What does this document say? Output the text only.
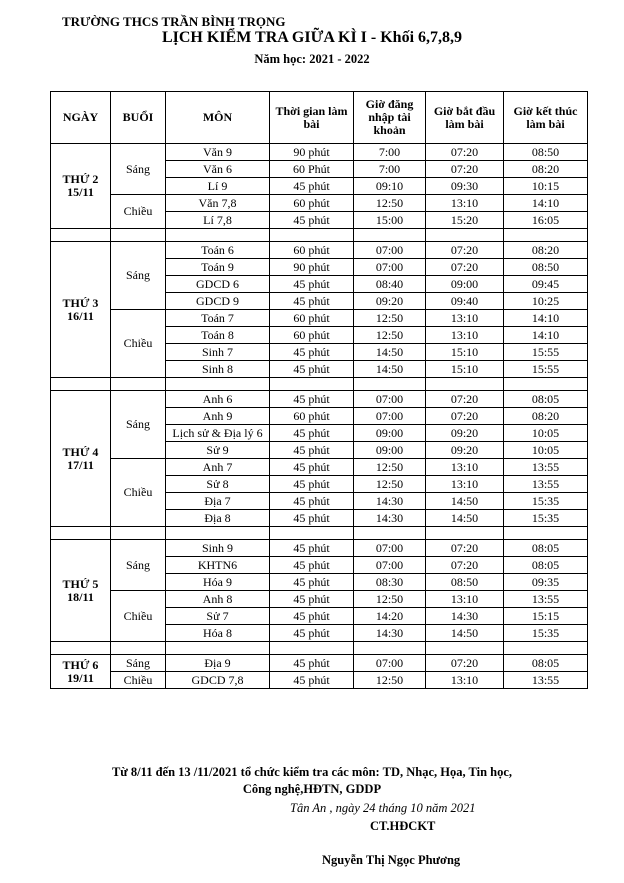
TRƯỜNG THCS TRẦN BÌNH TRỌNG
LỊCH KIỂM TRA GIỮA KÌ I - Khối 6,7,8,9
Năm học: 2021 - 2022
NGÀY	BUỔI	MÔN	Thời gian làm bài	Giờ đăng nhập tài khoản	Giờ bắt đầu làm bài	Giờ kết thúc làm bài
THỨ 2
15/11	Sáng	Văn 9	90 phút	7:00	07:20	08:50
		Văn 6	60 Phút	7:00	07:20	08:20
		Lí 9	45 phút	09:10	09:30	10:15
	Chiều	Văn 7,8	60 phút	12:50	13:10	14:10
		Lí 7,8	45 phút	15:00	15:20	16:05

THỨ 3
16/11	Sáng	Toán 6	60 phút	07:00	07:20	08:20
		Toán 9	90 phút	07:00	07:20	08:50
		GDCD 6	45 phút	08:40	09:00	09:45
		GDCD 9	45 phút	09:20	09:40	10:25
	Chiều	Toán 7	60 phút	12:50	13:10	14:10
		Toán 8	60 phút	12:50	13:10	14:10
		Sinh 7	45 phút	14:50	15:10	15:55
		Sinh 8	45 phút	14:50	15:10	15:55

THỨ 4
17/11	Sáng	Anh 6	45 phút	07:00	07:20	08:05
		Anh 9	60 phút	07:00	07:20	08:20
		Lịch sử & Địa lý 6	45 phút	09:00	09:20	10:05
		Sử 9	45 phút	09:00	09:20	10:05
	Chiều	Anh 7	45 phút	12:50	13:10	13:55
		Sử 8	45 phút	12:50	13:10	13:55
		Địa 7	45 phút	14:30	14:50	15:35
		Địa 8	45 phút	14:30	14:50	15:35

THỨ 5
18/11	Sáng	Sinh 9	45 phút	07:00	07:20	08:05
		KHTN6	45 phút	07:00	07:20	08:05
		Hóa 9	45 phút	08:30	08:50	09:35
	Chiều	Anh 8	45 phút	12:50	13:10	13:55
		Sử 7	45 phút	14:20	14:30	15:15
		Hóa 8	45 phút	14:30	14:50	15:35

THỨ 6
19/11	Sáng	Địa 9	45 phút	07:00	07:20	08:05
	Chiều	GDCD 7,8	45 phút	12:50	13:10	13:55
Từ 8/11 đến 13 /11/2021 tổ chức kiểm tra các môn: TD, Nhạc, Họa, Tin học,
Công nghệ,HĐTN, GDDP
Tân An , ngày 24 tháng 10 năm 2021
CT.HĐCKT
Nguyễn Thị Ngọc Phương
